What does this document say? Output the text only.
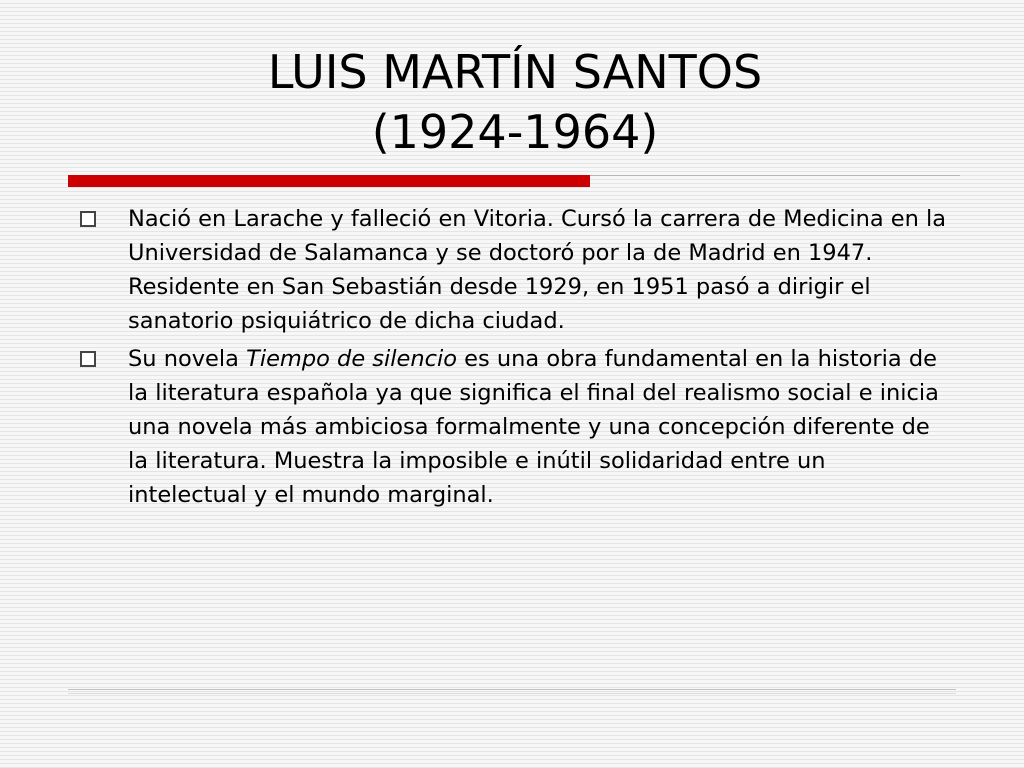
LUIS MARTÍN SANTOS
(1924-1964)
Nació en Larache y falleció en Vitoria. Cursó la carrera de Medicina en la Universidad de Salamanca y se doctoró por la de Madrid en 1947. Residente en San Sebastián desde 1929, en 1951 pasó a dirigir el sanatorio psiquiátrico de dicha ciudad.
Su novela Tiempo de silencio es una obra fundamental en la historia de la literatura española ya que significa el final del realismo social e inicia una novela más ambiciosa formalmente y una concepción diferente de la literatura. Muestra la imposible e inútil solidaridad entre un intelectual y el mundo marginal.
